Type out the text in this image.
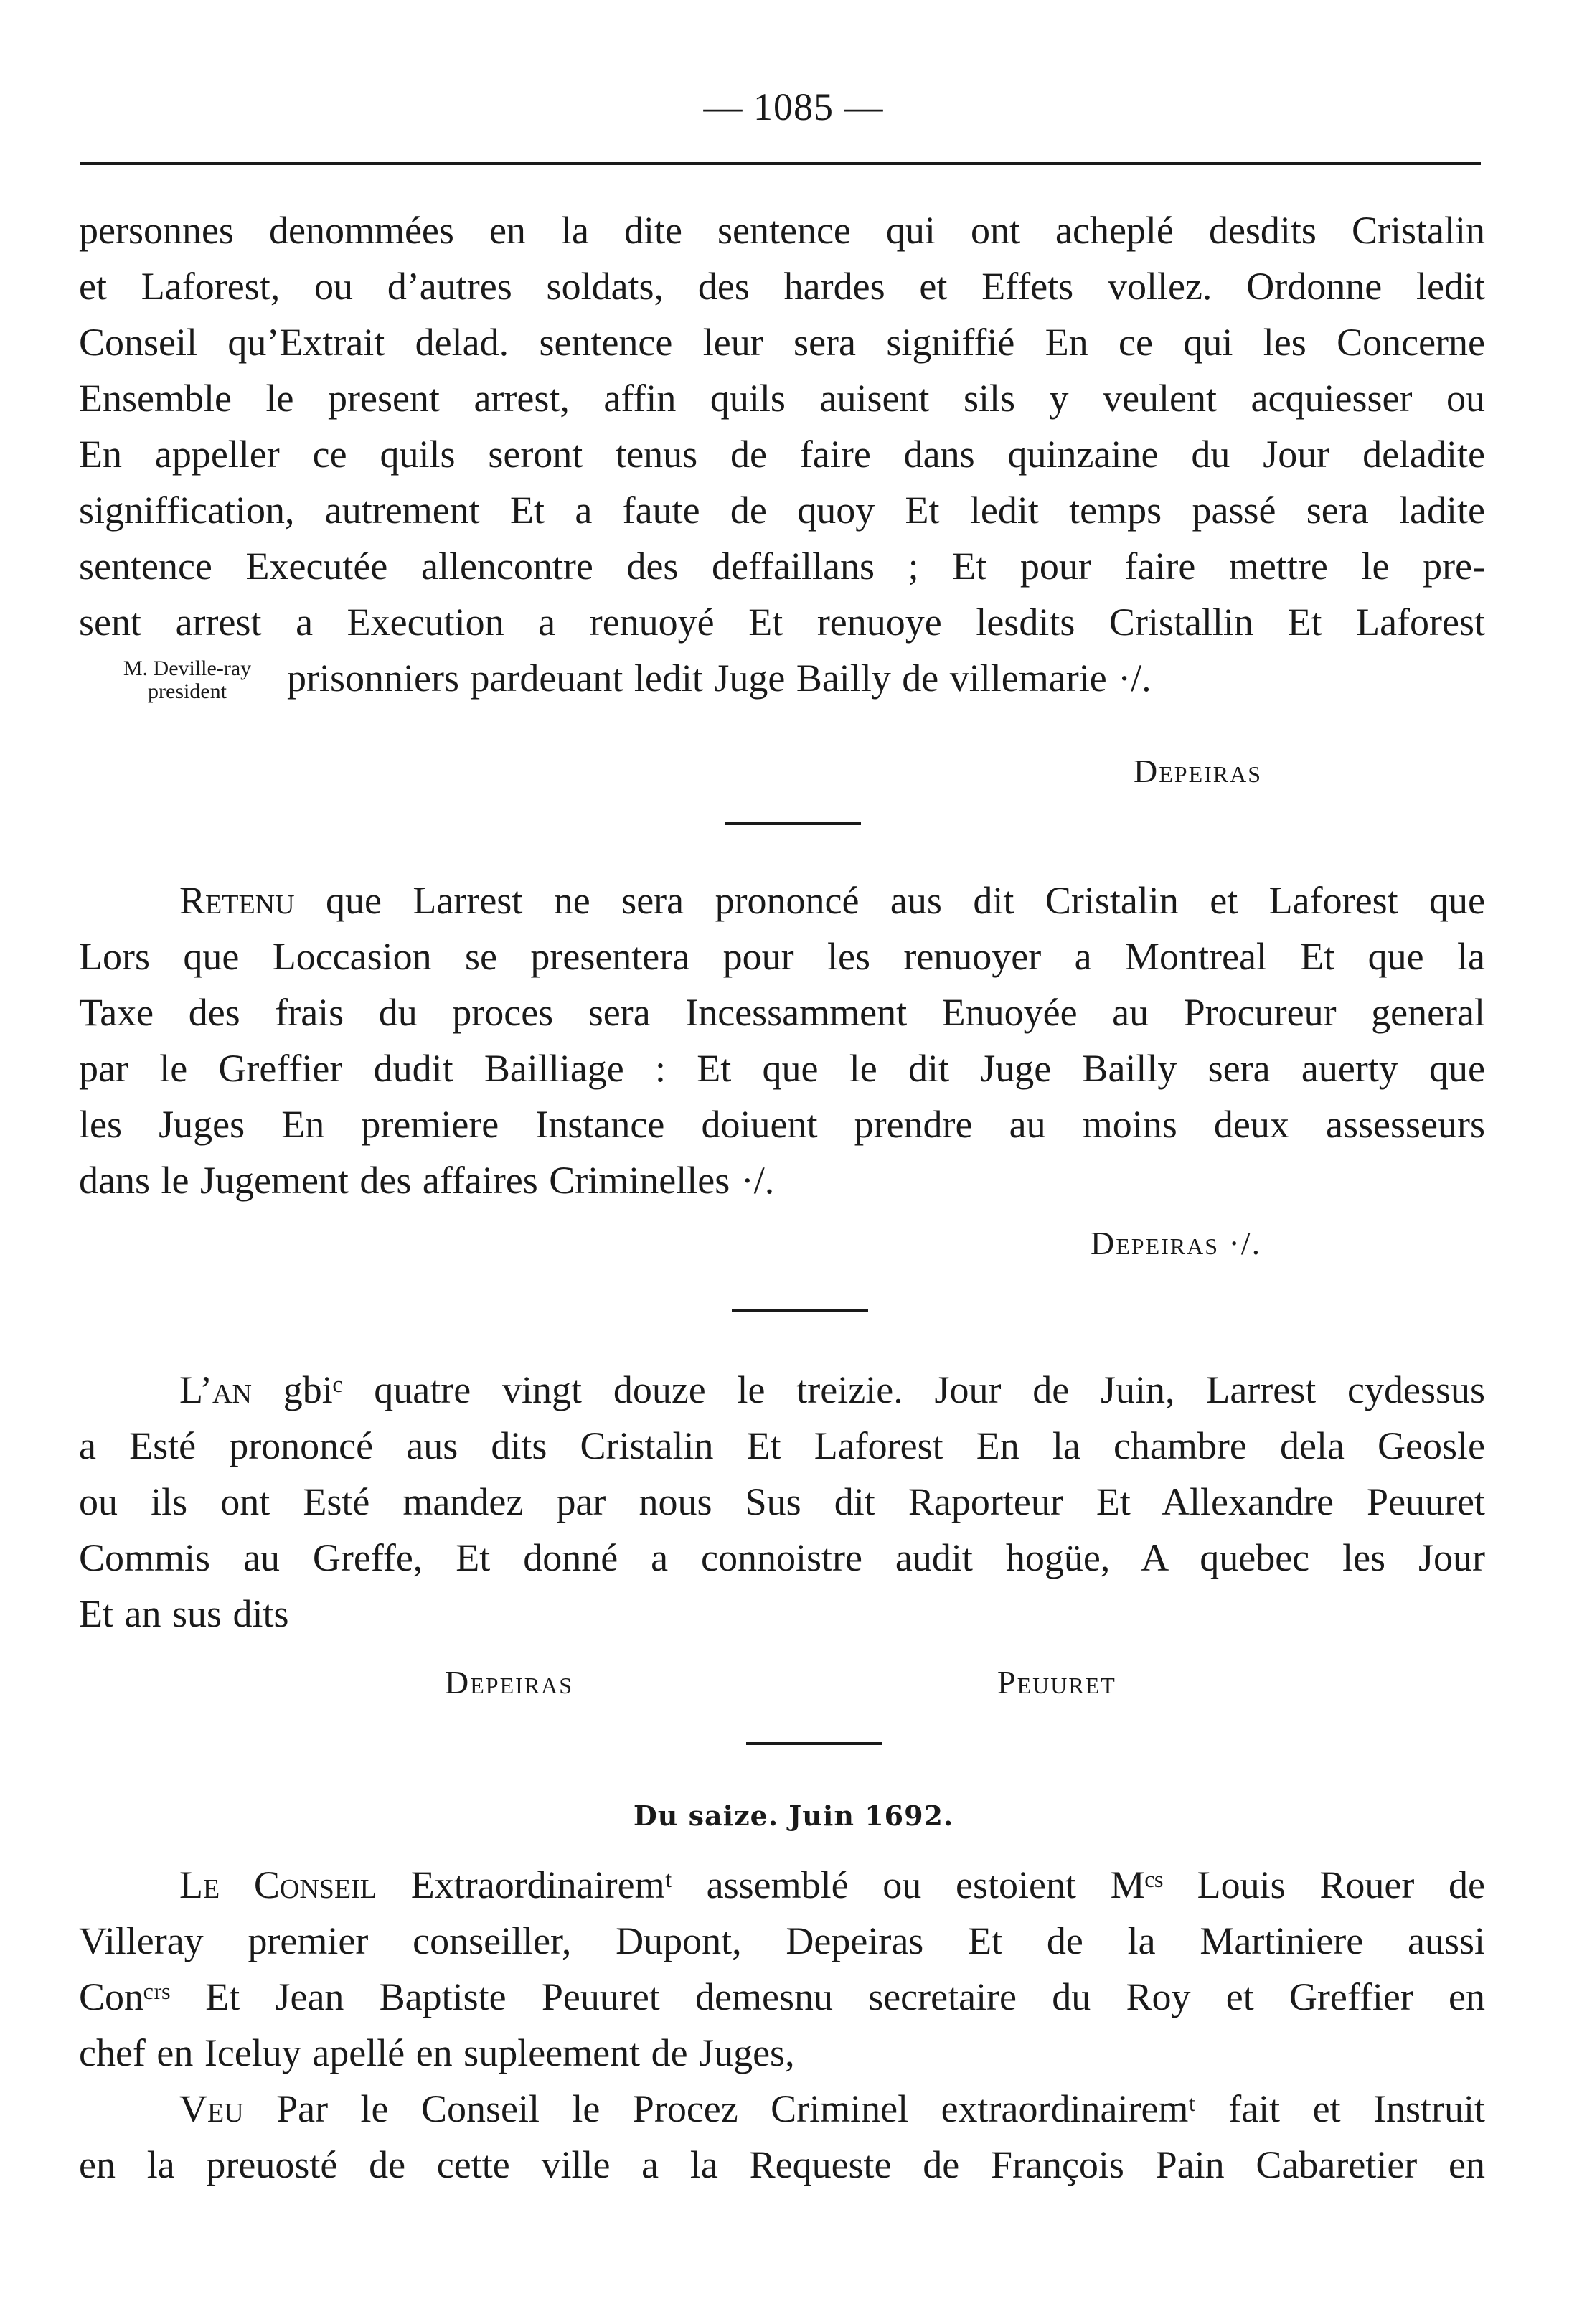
— 1085 —
personnes denommées en la dite sentence qui ont acheplé desdits Cristalin
et Laforest, ou d’autres soldats, des hardes et Effets vollez. Ordonne ledit
Conseil qu’Extrait delad. sentence leur sera signiffié En ce qui les Concerne
Ensemble le present arrest, affin quils auisent sils y veulent acquiesser ou
En appeller ce quils seront tenus de faire dans quinzaine du Jour deladite
signiffication, autrement Et a faute de quoy Et ledit temps passé sera ladite
sentence Executée allencontre des deffaillans ; Et pour faire mettre le pre-
sent arrest a Execution a renuoyé Et renuoye lesdits Cristallin Et Laforest
prisonniers pardeuant ledit Juge Bailly de villemarie ·/.
M. Deville-ray president
Depeiras
Retenu que Larrest ne sera prononcé aus dit Cristalin et Laforest que
Lors que Loccasion se presentera pour les renuoyer a Montreal Et que la
Taxe des frais du proces sera Incessamment Enuoyée au Procureur general
par le Greffier dudit Bailliage : Et que le dit Juge Bailly sera auerty que
les Juges En premiere Instance doiuent prendre au moins deux assesseurs
dans le Jugement des affaires Criminelles ·/.
Depeiras ·/.
L’an gbiᶜ quatre vingt douze le treizie. Jour de Juin, Larrest cydessus
a Esté prononcé aus dits Cristalin Et Laforest En la chambre dela Geosle
ou ils ont Esté mandez par nous Sus dit Raporteur Et Allexandre Peuuret
Commis au Greffe, Et donné a connoistre audit hogüe, A quebec les Jour
Et an sus dits
Depeiras	Peuuret
Du saize. Juin 1692.
Le Conseil Extraordinairemᵗ assemblé ou estoient Mᶜˢ Louis Rouer de
Villeray premier conseiller, Dupont, Depeiras Et de la Martiniere aussi
Conᶜʳˢ Et Jean Baptiste Peuuret demesnu secretaire du Roy et Greffier en
chef en Iceluy apellé en supleement de Juges,
Veu Par le Conseil le Procez Criminel extraordinairemᵗ fait et Instruit
en la preuosté de cette ville a la Requeste de François Pain Cabaretier en
